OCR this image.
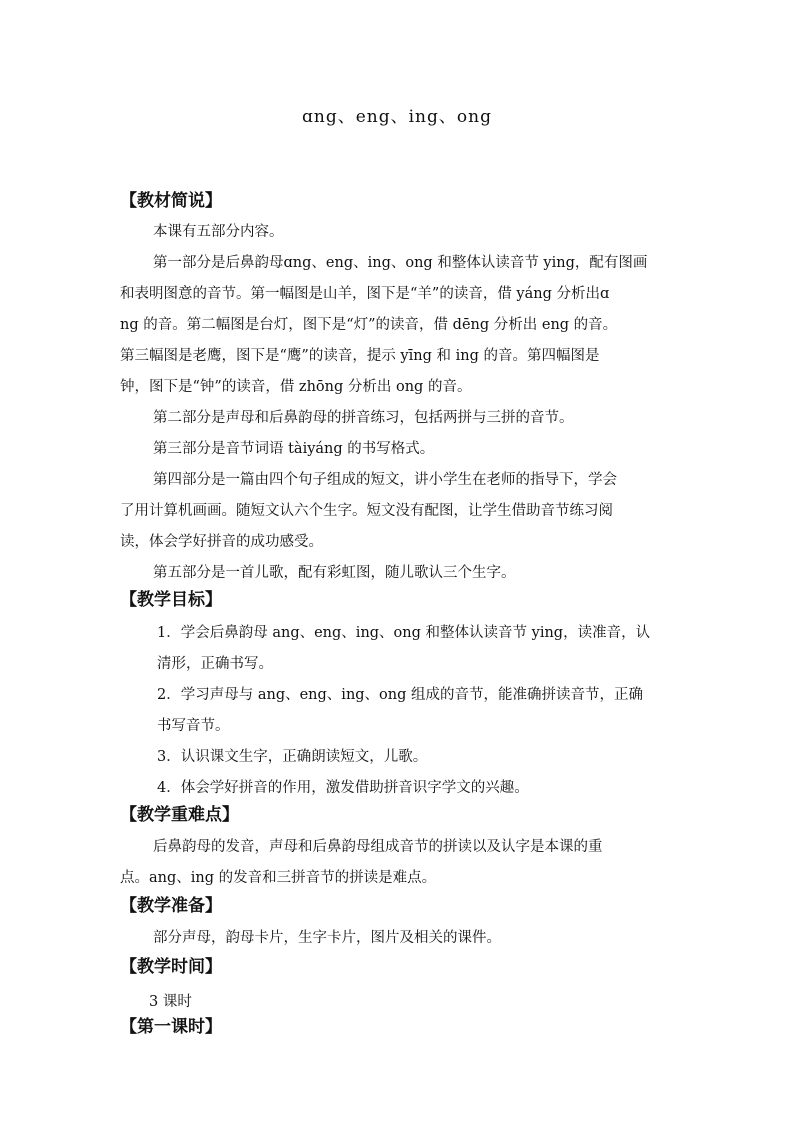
ɑng、eng、ing、ong
【教材简说】
本课有五部分内容。
第一部分是后鼻韵母ɑng、eng、ing、ong 和整体认读音节 ying，配有图画
和表明图意的音节。第一幅图是山羊，图下是“羊”的读音，借 yáng 分析出ɑ
ng 的音。第二幅图是台灯，图下是“灯”的读音，借 dēng 分析出 eng 的音。
第三幅图是老鹰，图下是“鹰”的读音，提示 yīng 和 ing 的音。第四幅图是
钟，图下是“钟”的读音，借 zhōng 分析出 ong 的音。
第二部分是声母和后鼻韵母的拼音练习，包括两拼与三拼的音节。
第三部分是音节词语 tàiyáng 的书写格式。
第四部分是一篇由四个句子组成的短文，讲小学生在老师的指导下，学会
了用计算机画画。随短文认六个生字。短文没有配图，让学生借助音节练习阅
读，体会学好拼音的成功感受。
第五部分是一首儿歌，配有彩虹图，随儿歌认三个生字。
【教学目标】
1．学会后鼻韵母 ang、eng、ing、ong 和整体认读音节 ying，读准音，认
清形，正确书写。
2．学习声母与 ang、eng、ing、ong 组成的音节，能准确拼读音节，正确
书写音节。
3．认识课文生字，正确朗读短文，儿歌。
4．体会学好拼音的作用，激发借助拼音识字学文的兴趣。
【教学重难点】
后鼻韵母的发音，声母和后鼻韵母组成音节的拼读以及认字是本课的重
点。ang、ing 的发音和三拼音节的拼读是难点。
【教学准备】
部分声母，韵母卡片，生字卡片，图片及相关的课件。
【教学时间】
3 课时
【第一课时】
